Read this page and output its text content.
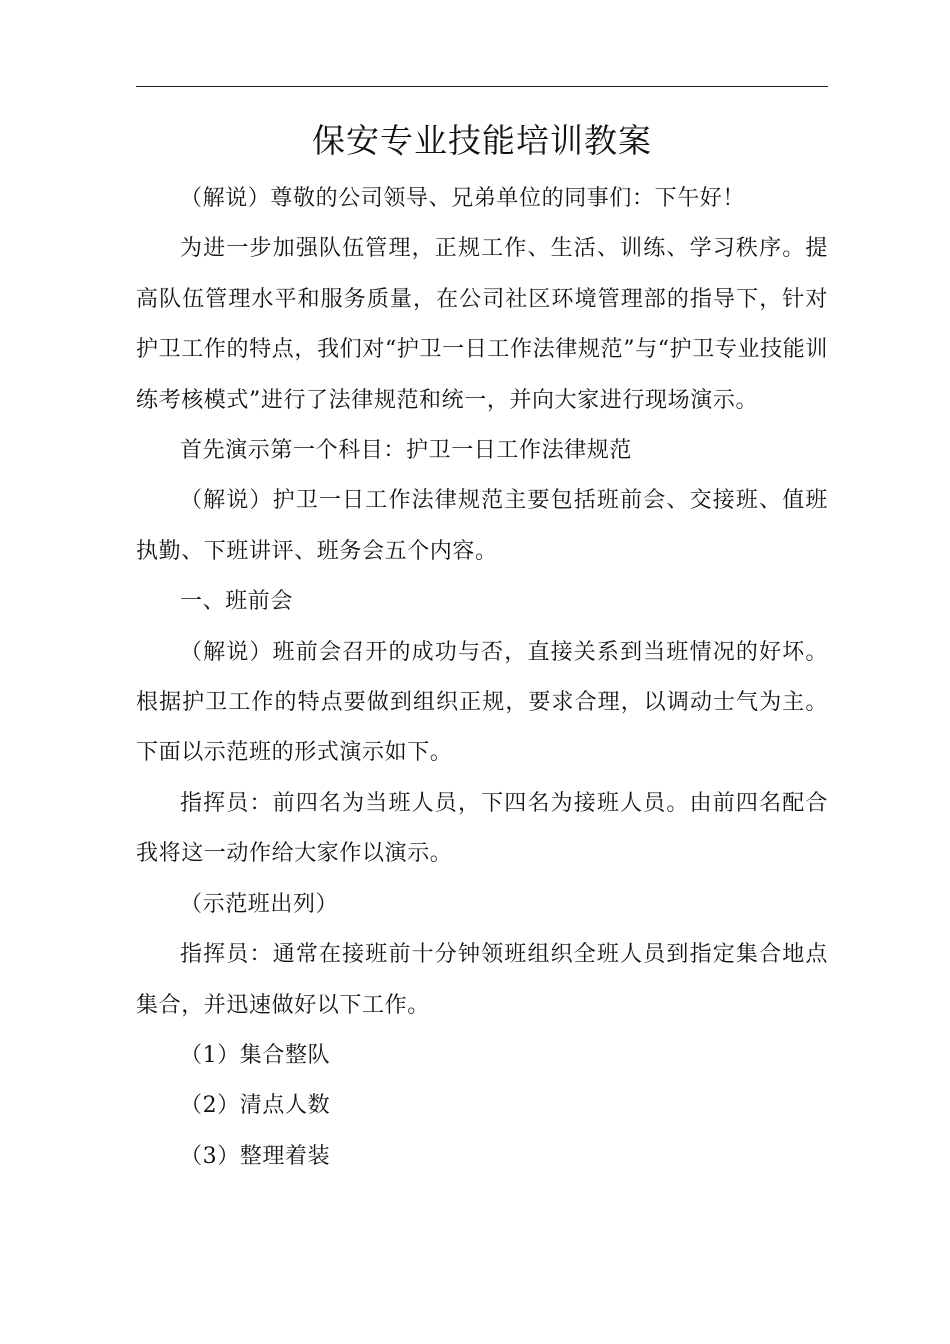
保安专业技能培训教案

（解说）尊敬的公司领导、兄弟单位的同事们：下午好！

为进一步加强队伍管理，正规工作、生活、训练、学习秩序。提高队伍管理水平和服务质量，在公司社区环境管理部的指导下，针对护卫工作的特点，我们对“护卫一日工作法律规范”与“护卫专业技能训练考核模式”进行了法律规范和统一，并向大家进行现场演示。

首先演示第一个科目：护卫一日工作法律规范

（解说）护卫一日工作法律规范主要包括班前会、交接班、值班执勤、下班讲评、班务会五个内容。

一、班前会

（解说）班前会召开的成功与否，直接关系到当班情况的好坏。根据护卫工作的特点要做到组织正规，要求合理，以调动士气为主。下面以示范班的形式演示如下。

指挥员：前四名为当班人员，下四名为接班人员。由前四名配合我将这一动作给大家作以演示。

（示范班出列）

指挥员：通常在接班前十分钟领班组织全班人员到指定集合地点集合，并迅速做好以下工作。

（1）集合整队

（2）清点人数

（3）整理着装
